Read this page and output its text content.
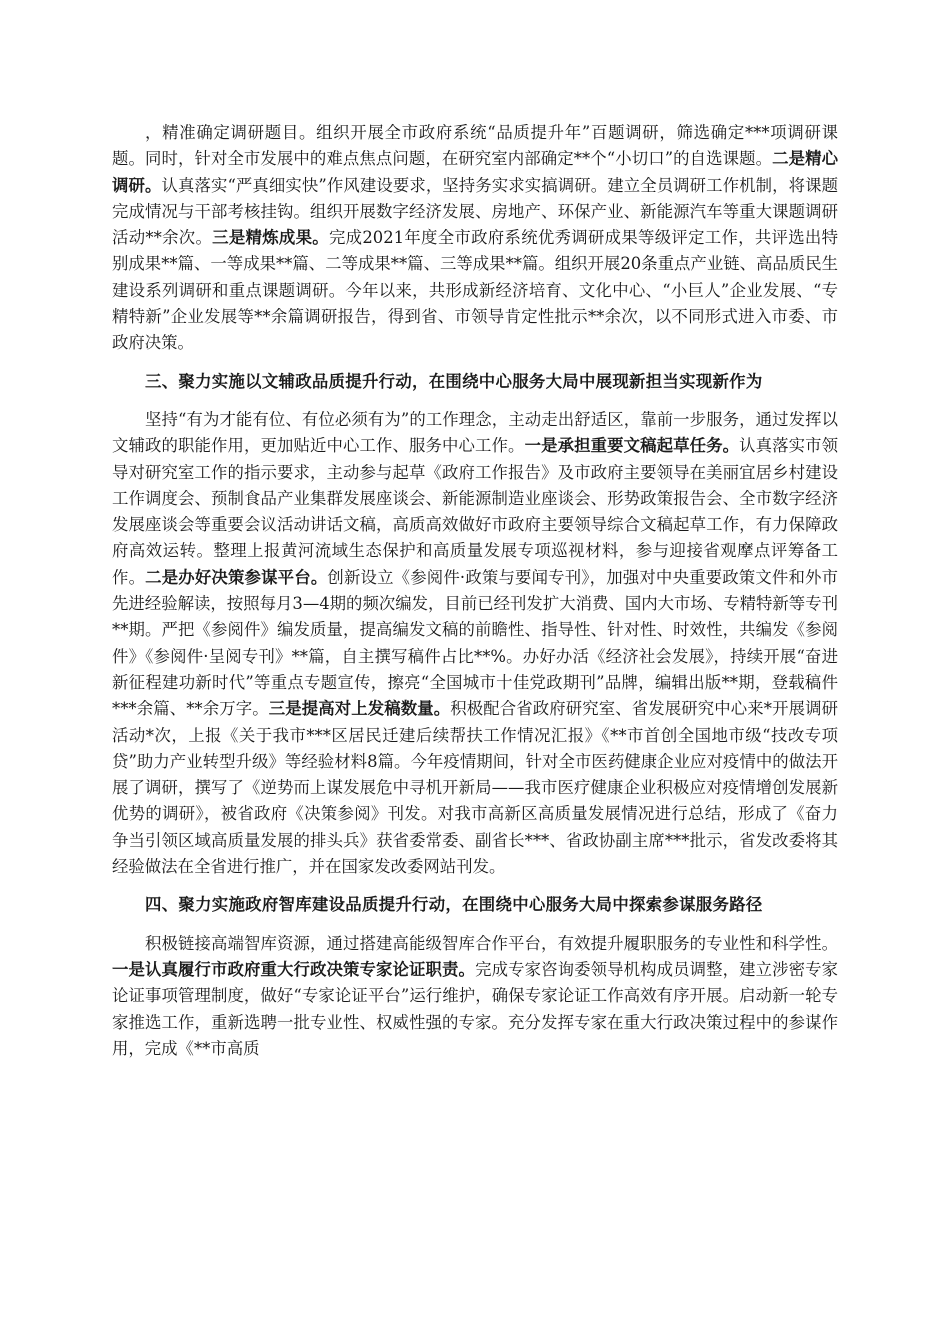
，精准确定调研题目。组织开展全市政府系统“品质提升年”百题调研，筛选确定***项调研课题。同时，针对全市发展中的难点焦点问题，在研究室内部确定**个“小切口”的自选课题。二是精心调研。认真落实“严真细实快”作风建设要求，坚持务实求实搞调研。建立全员调研工作机制，将课题完成情况与干部考核挂钩。组织开展数字经济发展、房地产、环保产业、新能源汽车等重大课题调研活动**余次。三是精炼成果。完成2021年度全市政府系统优秀调研成果等级评定工作，共评选出特别成果**篇、一等成果**篇、二等成果**篇、三等成果**篇。组织开展20条重点产业链、高品质民生建设系列调研和重点课题调研。今年以来，共形成新经济培育、文化中心、“小巨人”企业发展、“专精特新”企业发展等**余篇调研报告，得到省、市领导肯定性批示**余次，以不同形式进入市委、市政府决策。

三、聚力实施以文辅政品质提升行动，在围绕中心服务大局中展现新担当实现新作为

坚持“有为才能有位、有位必须有为”的工作理念，主动走出舒适区，靠前一步服务，通过发挥以文辅政的职能作用，更加贴近中心工作、服务中心工作。一是承担重要文稿起草任务。认真落实市领导对研究室工作的指示要求，主动参与起草《政府工作报告》及市政府主要领导在美丽宜居乡村建设工作调度会、预制食品产业集群发展座谈会、新能源制造业座谈会、形势政策报告会、全市数字经济发展座谈会等重要会议活动讲话文稿，高质高效做好市政府主要领导综合文稿起草工作，有力保障政府高效运转。整理上报黄河流域生态保护和高质量发展专项巡视材料，参与迎接省观摩点评筹备工作。二是办好决策参谋平台。创新设立《参阅件·政策与要闻专刊》，加强对中央重要政策文件和外市先进经验解读，按照每月3—4期的频次编发，目前已经刊发扩大消费、国内大市场、专精特新等专刊**期。严把《参阅件》编发质量，提高编发文稿的前瞻性、指导性、针对性、时效性，共编发《参阅件》《参阅件·呈阅专刊》**篇，自主撰写稿件占比**%。办好办活《经济社会发展》，持续开展“奋进新征程建功新时代”等重点专题宣传，擦亮“全国城市十佳党政期刊”品牌，编辑出版**期，登载稿件***余篇、**余万字。三是提高对上发稿数量。积极配合省政府研究室、省发展研究中心来*开展调研活动*次，上报《关于我市***区居民迁建后续帮扶工作情况汇报》《**市首创全国地市级“技改专项贷”助力产业转型升级》等经验材料8篇。今年疫情期间，针对全市医药健康企业应对疫情中的做法开展了调研，撰写了《逆势而上谋发展危中寻机开新局——我市医疗健康企业积极应对疫情增创发展新优势的调研》，被省政府《决策参阅》刊发。对我市高新区高质量发展情况进行总结，形成了《奋力争当引领区域高质量发展的排头兵》获省委常委、副省长***、省政协副主席***批示，省发改委将其经验做法在全省进行推广，并在国家发改委网站刊发。

四、聚力实施政府智库建设品质提升行动，在围绕中心服务大局中探索参谋服务路径

积极链接高端智库资源，通过搭建高能级智库合作平台，有效提升履职服务的专业性和科学性。一是认真履行市政府重大行政决策专家论证职责。完成专家咨询委领导机构成员调整，建立涉密专家论证事项管理制度，做好“专家论证平台”运行维护，确保专家论证工作高效有序开展。启动新一轮专家推选工作，重新选聘一批专业性、权威性强的专家。充分发挥专家在重大行政决策过程中的参谋作用，完成《**市高质
